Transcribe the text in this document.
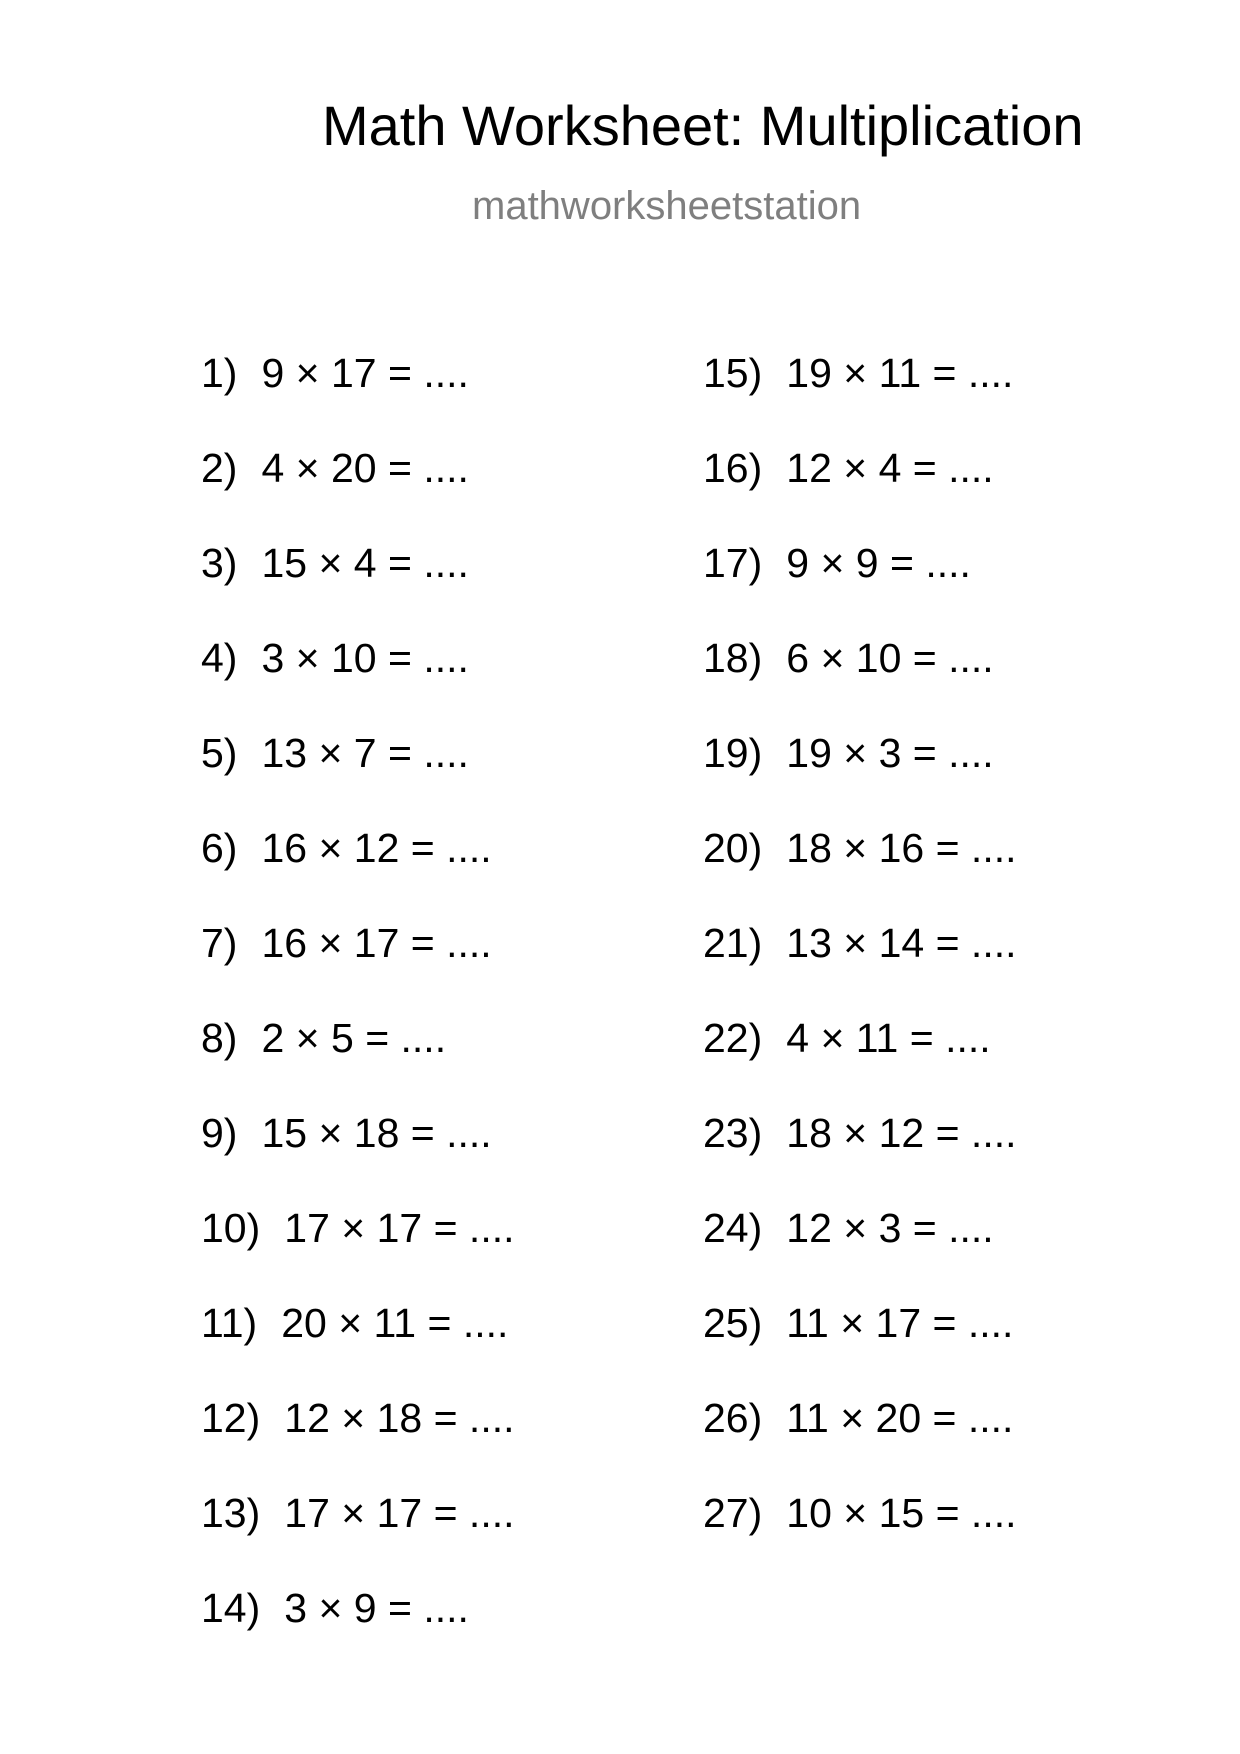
Math Worksheet: Multiplication
mathworksheetstation
1) 9 × 17 = ....
2) 4 × 20 = ....
3) 15 × 4 = ....
4) 3 × 10 = ....
5) 13 × 7 = ....
6) 16 × 12 = ....
7) 16 × 17 = ....
8) 2 × 5 = ....
9) 15 × 18 = ....
10) 17 × 17 = ....
11) 20 × 11 = ....
12) 12 × 18 = ....
13) 17 × 17 = ....
14) 3 × 9 = ....
15) 19 × 11 = ....
16) 12 × 4 = ....
17) 9 × 9 = ....
18) 6 × 10 = ....
19) 19 × 3 = ....
20) 18 × 16 = ....
21) 13 × 14 = ....
22) 4 × 11 = ....
23) 18 × 12 = ....
24) 12 × 3 = ....
25) 11 × 17 = ....
26) 11 × 20 = ....
27) 10 × 15 = ....
